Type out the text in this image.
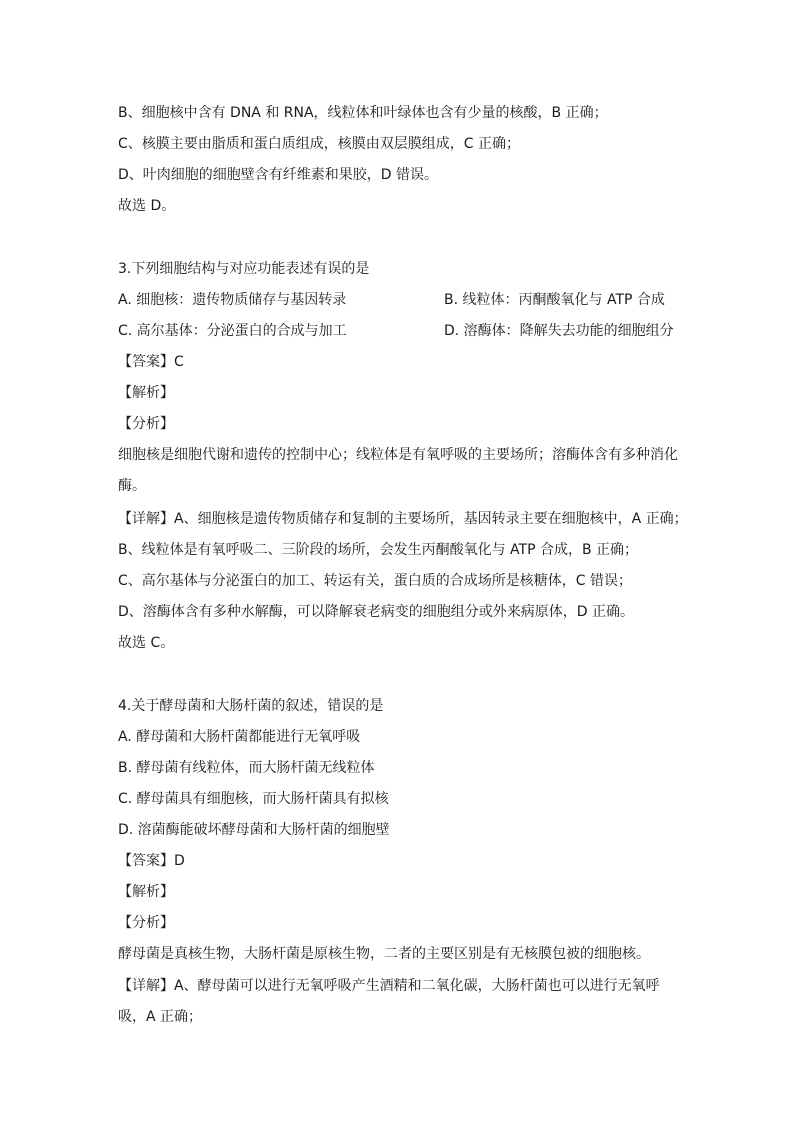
B、细胞核中含有 DNA 和 RNA，线粒体和叶绿体也含有少量的核酸，B 正确；
C、核膜主要由脂质和蛋白质组成，核膜由双层膜组成，C 正确；
D、叶肉细胞的细胞壁含有纤维素和果胶，D 错误。
故选 D。
3.下列细胞结构与对应功能表述有误的是
A. 细胞核：遗传物质储存与基因转录	B. 线粒体：丙酮酸氧化与 ATP 合成
C. 高尔基体：分泌蛋白的合成与加工	D. 溶酶体：降解失去功能的细胞组分
【答案】C
【解析】
【分析】
细胞核是细胞代谢和遗传的控制中心；线粒体是有氧呼吸的主要场所；溶酶体含有多种消化酶。
【详解】A、细胞核是遗传物质储存和复制的主要场所，基因转录主要在细胞核中，A 正确；
B、线粒体是有氧呼吸二、三阶段的场所，会发生丙酮酸氧化与 ATP 合成，B 正确；
C、高尔基体与分泌蛋白的加工、转运有关，蛋白质的合成场所是核糖体，C 错误；
D、溶酶体含有多种水解酶，可以降解衰老病变的细胞组分或外来病原体，D 正确。
故选 C。
4.关于酵母菌和大肠杆菌的叙述，错误的是
A. 酵母菌和大肠杆菌都能进行无氧呼吸
B. 酵母菌有线粒体，而大肠杆菌无线粒体
C. 酵母菌具有细胞核，而大肠杆菌具有拟核
D. 溶菌酶能破坏酵母菌和大肠杆菌的细胞壁
【答案】D
【解析】
【分析】
酵母菌是真核生物，大肠杆菌是原核生物，二者的主要区别是有无核膜包被的细胞核。
【详解】A、酵母菌可以进行无氧呼吸产生酒精和二氧化碳，大肠杆菌也可以进行无氧呼吸，A 正确；
